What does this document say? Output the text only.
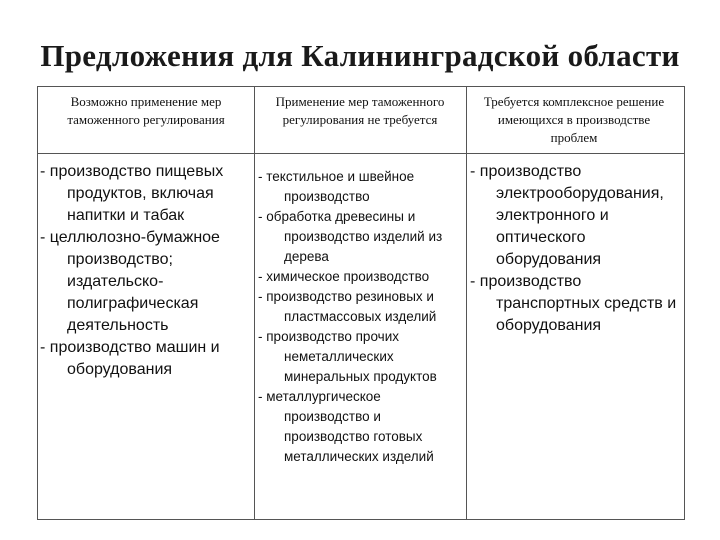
Предложения для Калининградской области
Возможно применение мер таможенного регулирования
Применение мер таможенного регулирования не требуется
Требуется комплексное решение имеющихся в производстве проблем

- производство пищевых продуктов, включая напитки и табак

- целлюлозно-бумажное производство; издательско-полиграфическая деятельность

- производство машин и оборудования

- текстильное и швейное производство

- обработка древесины и производство изделий из дерева

- химическое производство

- производство резиновых и пластмассовых изделий

- производство прочих неметаллических минеральных продуктов

- металлургическое производство и производство готовых металлических изделий

- производство электрооборудования, электронного и оптического оборудования

- производство транспортных средств и оборудования
